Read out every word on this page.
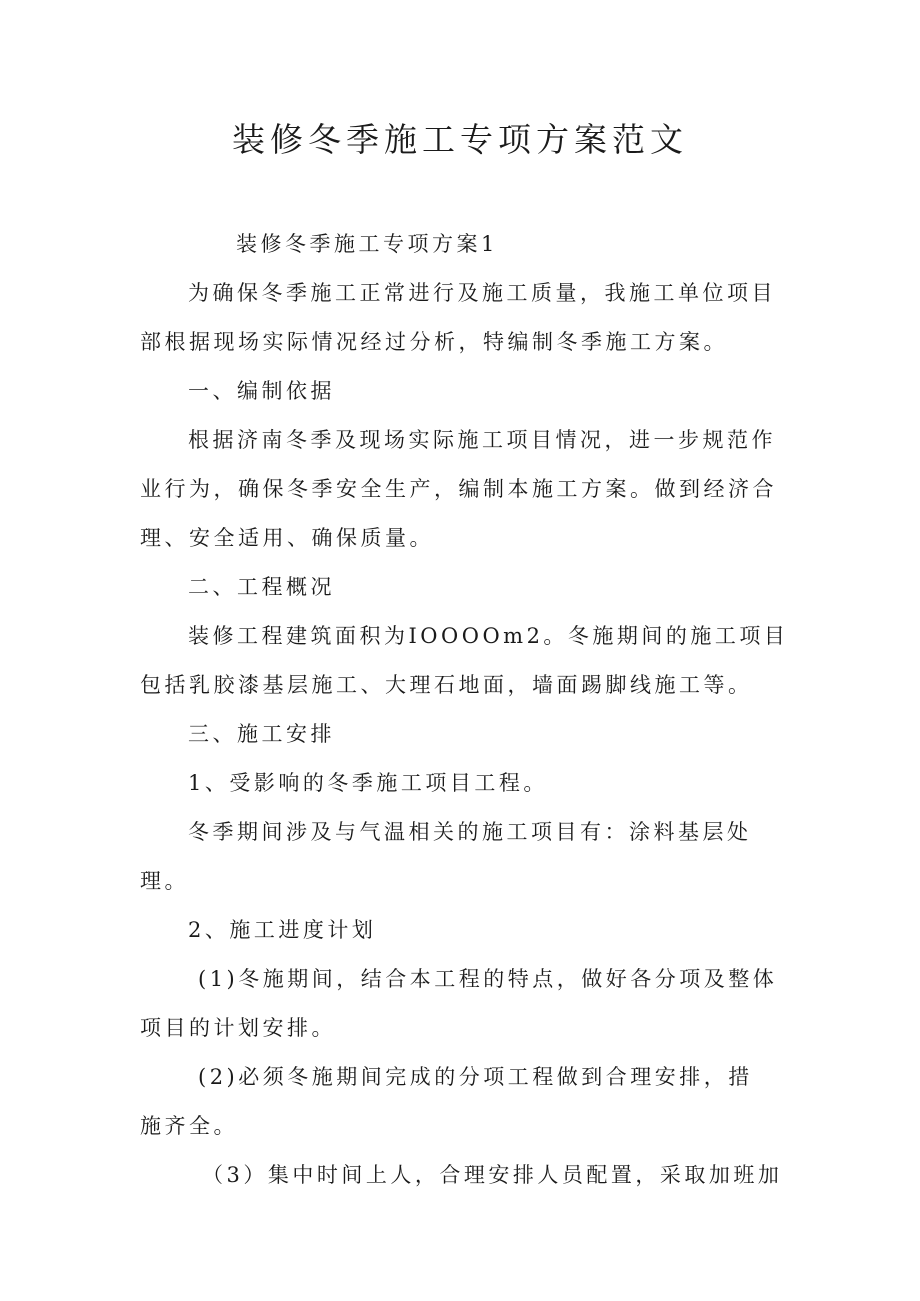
装修冬季施工专项方案范文

装修冬季施工专项方案1

为确保冬季施工正常进行及施工质量，我施工单位项目部根据现场实际情况经过分析，特编制冬季施工方案。

一、编制依据

根据济南冬季及现场实际施工项目情况，进一步规范作业行为，确保冬季安全生产，编制本施工方案。做到经济合理、安全适用、确保质量。

二、工程概况

装修工程建筑面积为IOOOOm2。冬施期间的施工项目包括乳胶漆基层施工、大理石地面，墙面踢脚线施工等。

三、施工安排

1、受影响的冬季施工项目工程。

冬季期间涉及与气温相关的施工项目有：涂料基层处理。

2、施工进度计划

(1)冬施期间，结合本工程的特点，做好各分项及整体项目的计划安排。

(2)必须冬施期间完成的分项工程做到合理安排，措

施齐全。

（3）集中时间上人，合理安排人员配置，采取加班加
